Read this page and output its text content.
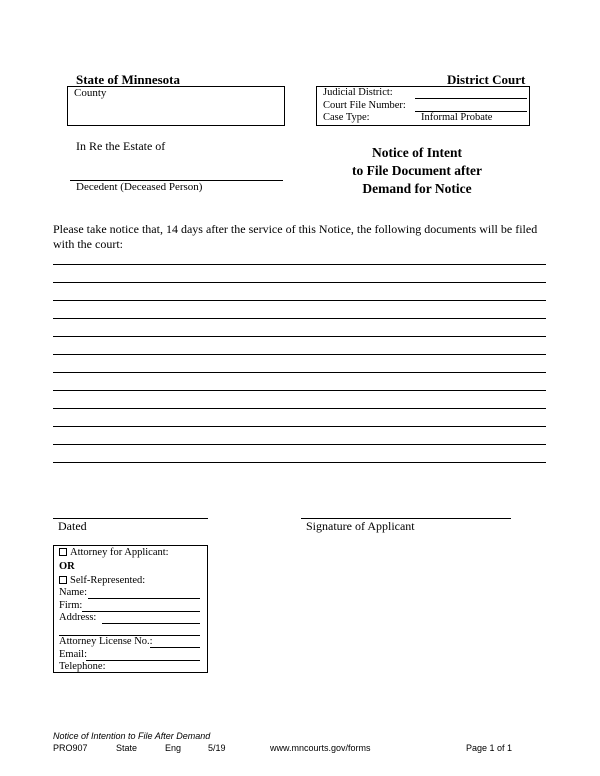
State of Minnesota	District Court
County	Judicial District:
Court File Number:
Case Type:	Informal Probate
In Re the Estate of
Decedent (Deceased Person)
Notice of Intent
to File Document after
Demand for Notice
Please take notice that, 14 days after the service of this Notice, the following documents will be filed with the court:
Dated	Signature of Applicant
Attorney for Applicant:
OR
Self-Represented:
Name:
Firm:
Address:
Attorney License No.:
Email:
Telephone:
Notice of Intention to File After Demand
PRO907	State	Eng	5/19	www.mncourts.gov/forms	Page 1 of 1
